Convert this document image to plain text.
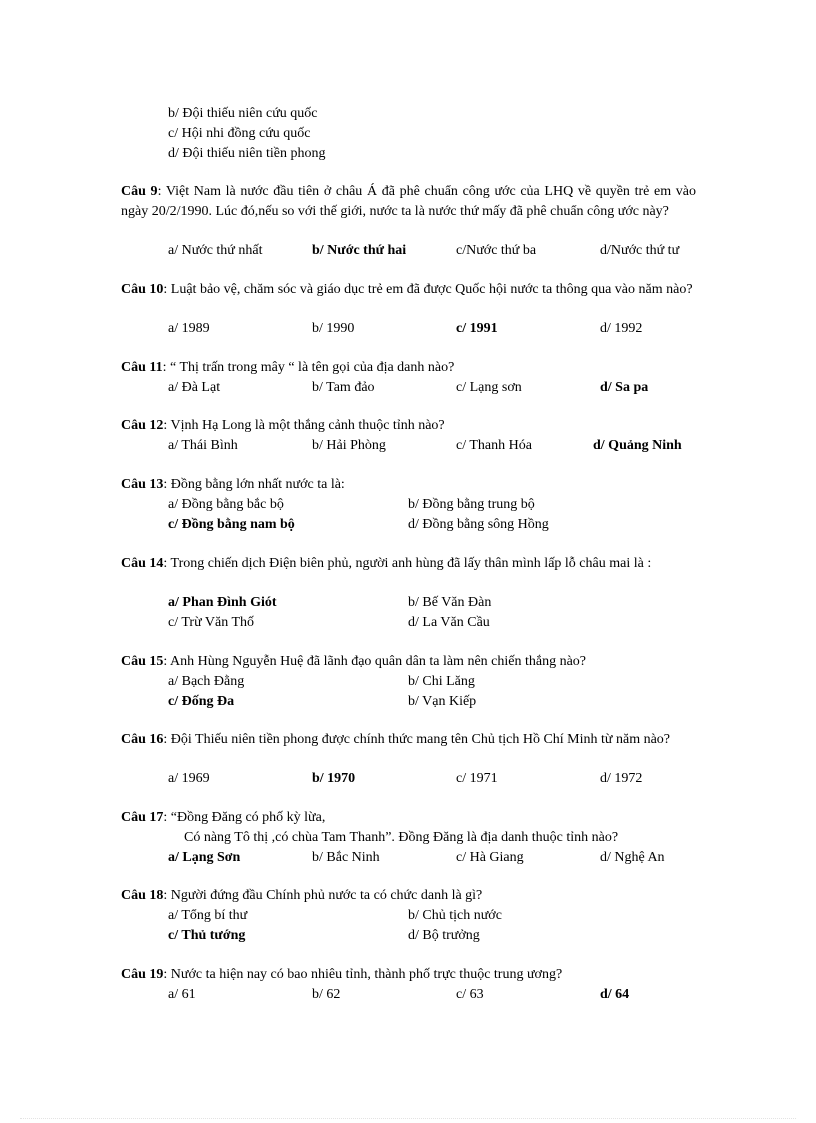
b/ Đội thiếu niên cứu quốc
c/ Hội nhi đồng cứu quốc
d/ Đội thiếu niên tiền phong
Câu 9: Việt Nam là nước đầu tiên ở châu Á đã phê chuẩn công ước của LHQ về quyền trẻ em vào ngày 20/2/1990. Lúc đó,nếu so với thế giới, nước ta là nước thứ mấy đã phê chuẩn công ước này?
a/ Nước thứ nhất	b/ Nước thứ hai	c/Nước thứ ba	d/Nước thứ tư
Câu 10: Luật bảo vệ, chăm sóc và giáo dục trẻ em đã được Quốc hội nước ta thông qua vào năm nào?
a/ 1989	b/ 1990	c/ 1991	d/ 1992
Câu 11: “ Thị trấn trong mây “ là tên gọi của địa danh nào?
a/ Đà Lạt	b/ Tam đảo	c/ Lạng sơn	d/ Sa pa
Câu 12: Vịnh Hạ Long là một thắng cảnh thuộc tỉnh nào?
a/ Thái Bình	b/ Hải Phòng	c/ Thanh Hóa	d/ Quảng Ninh
Câu 13: Đồng bằng lớn nhất nước ta là:
a/ Đồng bằng bắc bộ	b/ Đồng bằng trung bộ
c/ Đồng bằng nam bộ	d/ Đồng bằng sông Hồng
Câu 14: Trong chiến dịch Điện biên phủ, người anh hùng đã lấy thân mình lấp lỗ châu mai là :
a/ Phan Đình Giót	b/ Bế Văn Đàn
c/ Trừ Văn Thố	d/ La Văn Cầu
Câu 15: Anh Hùng Nguyễn Huệ đã lãnh đạo quân dân ta làm nên chiến thắng nào?
a/ Bạch Đằng	b/ Chi Lăng
c/ Đống Đa	b/ Vạn Kiếp
Câu 16: Đội Thiếu niên tiền phong được chính thức mang tên Chủ tịch Hồ Chí Minh từ năm nào?
a/ 1969	b/ 1970	c/ 1971	d/ 1972
Câu 17: “Đồng Đăng có phố kỳ lừa,
Có nàng Tô thị ,có chùa Tam Thanh”. Đồng Đăng là địa danh thuộc tỉnh nào?
a/ Lạng Sơn	b/ Bắc Ninh	c/ Hà Giang	d/ Nghệ An
Câu 18: Người đứng đầu Chính phủ nước ta có chức danh là gì?
a/ Tổng bí thư	b/ Chủ tịch nước
c/ Thủ tướng	d/ Bộ trưởng
Câu 19: Nước ta hiện nay có bao nhiêu tỉnh, thành phố trực thuộc trung ương?
a/ 61	b/ 62	c/ 63	d/ 64
